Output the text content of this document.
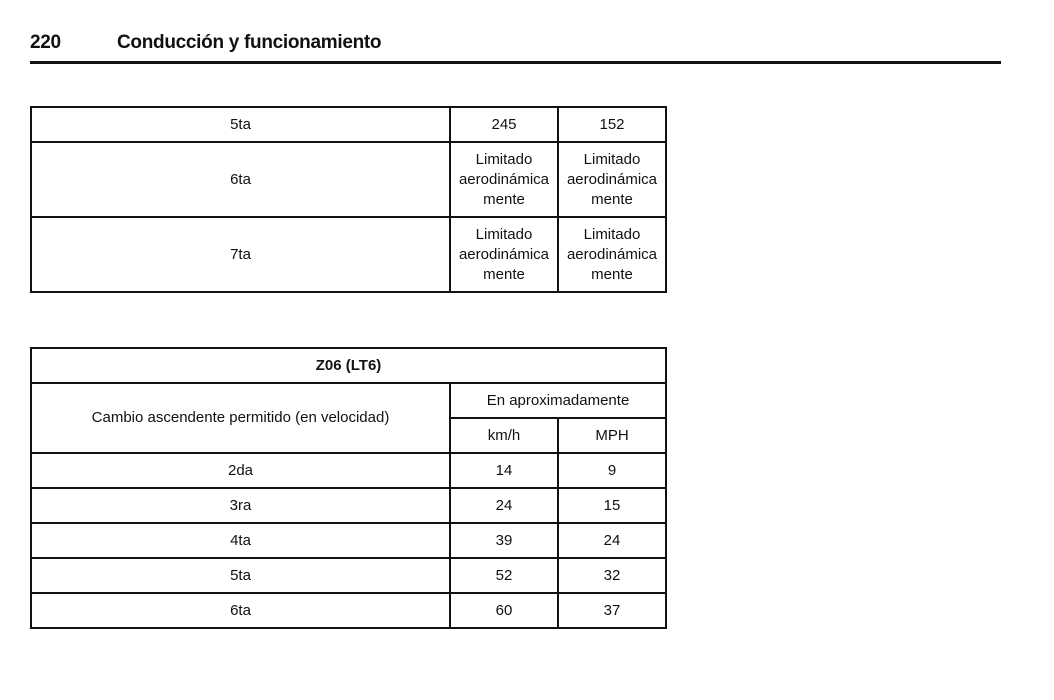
220	Conducción y funcionamiento
5ta	245	152
6ta	Limitado aerodinámica mente	Limitado aerodinámica mente
7ta	Limitado aerodinámica mente	Limitado aerodinámica mente
Z06 (LT6)		
Cambio ascendente permitido (en velocidad)	En aproximadamente	
	km/h	MPH
2da	14	9
3ra	24	15
4ta	39	24
5ta	52	32
6ta	60	37
